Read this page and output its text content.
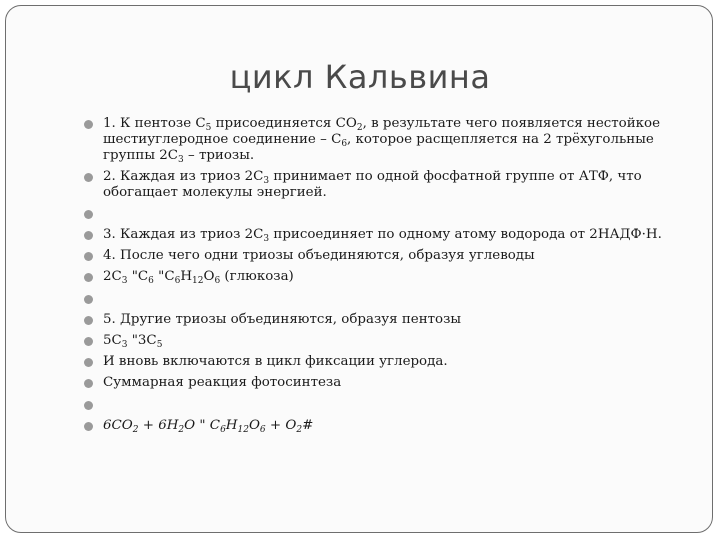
цикл Кальвина
1. К пентозе $С_5$ присоединяется $СО_2$, в результате чего появляется нестойкое шестиуглеродное соединение – $С_6$, которое расщепляется на 2 трёхугольные группы $2С_3$ – триозы.
2. Каждая из триоз $2С_3$ принимает по одной фосфатной группе от АТФ, что обогащает молекулы энергией.
3. Каждая из триоз $2С_3$ присоединяет по одному атому водорода от 2НАДФ·Н.
4. После чего одни триозы объединяются, образуя углеводы
$2С_3$ "$С_6$ "$С_6Н_{12}О_6$ (глюкоза)
5. Другие триозы объединяются, образуя пентозы
$5С_3$ "$3С_5$
И вновь включаются в цикл фиксации углерода.
Суммарная реакция фотосинтеза
$6CO_2 + 6H_2O$ " $C_6H_{12}O_6$ + $O_2\#$
